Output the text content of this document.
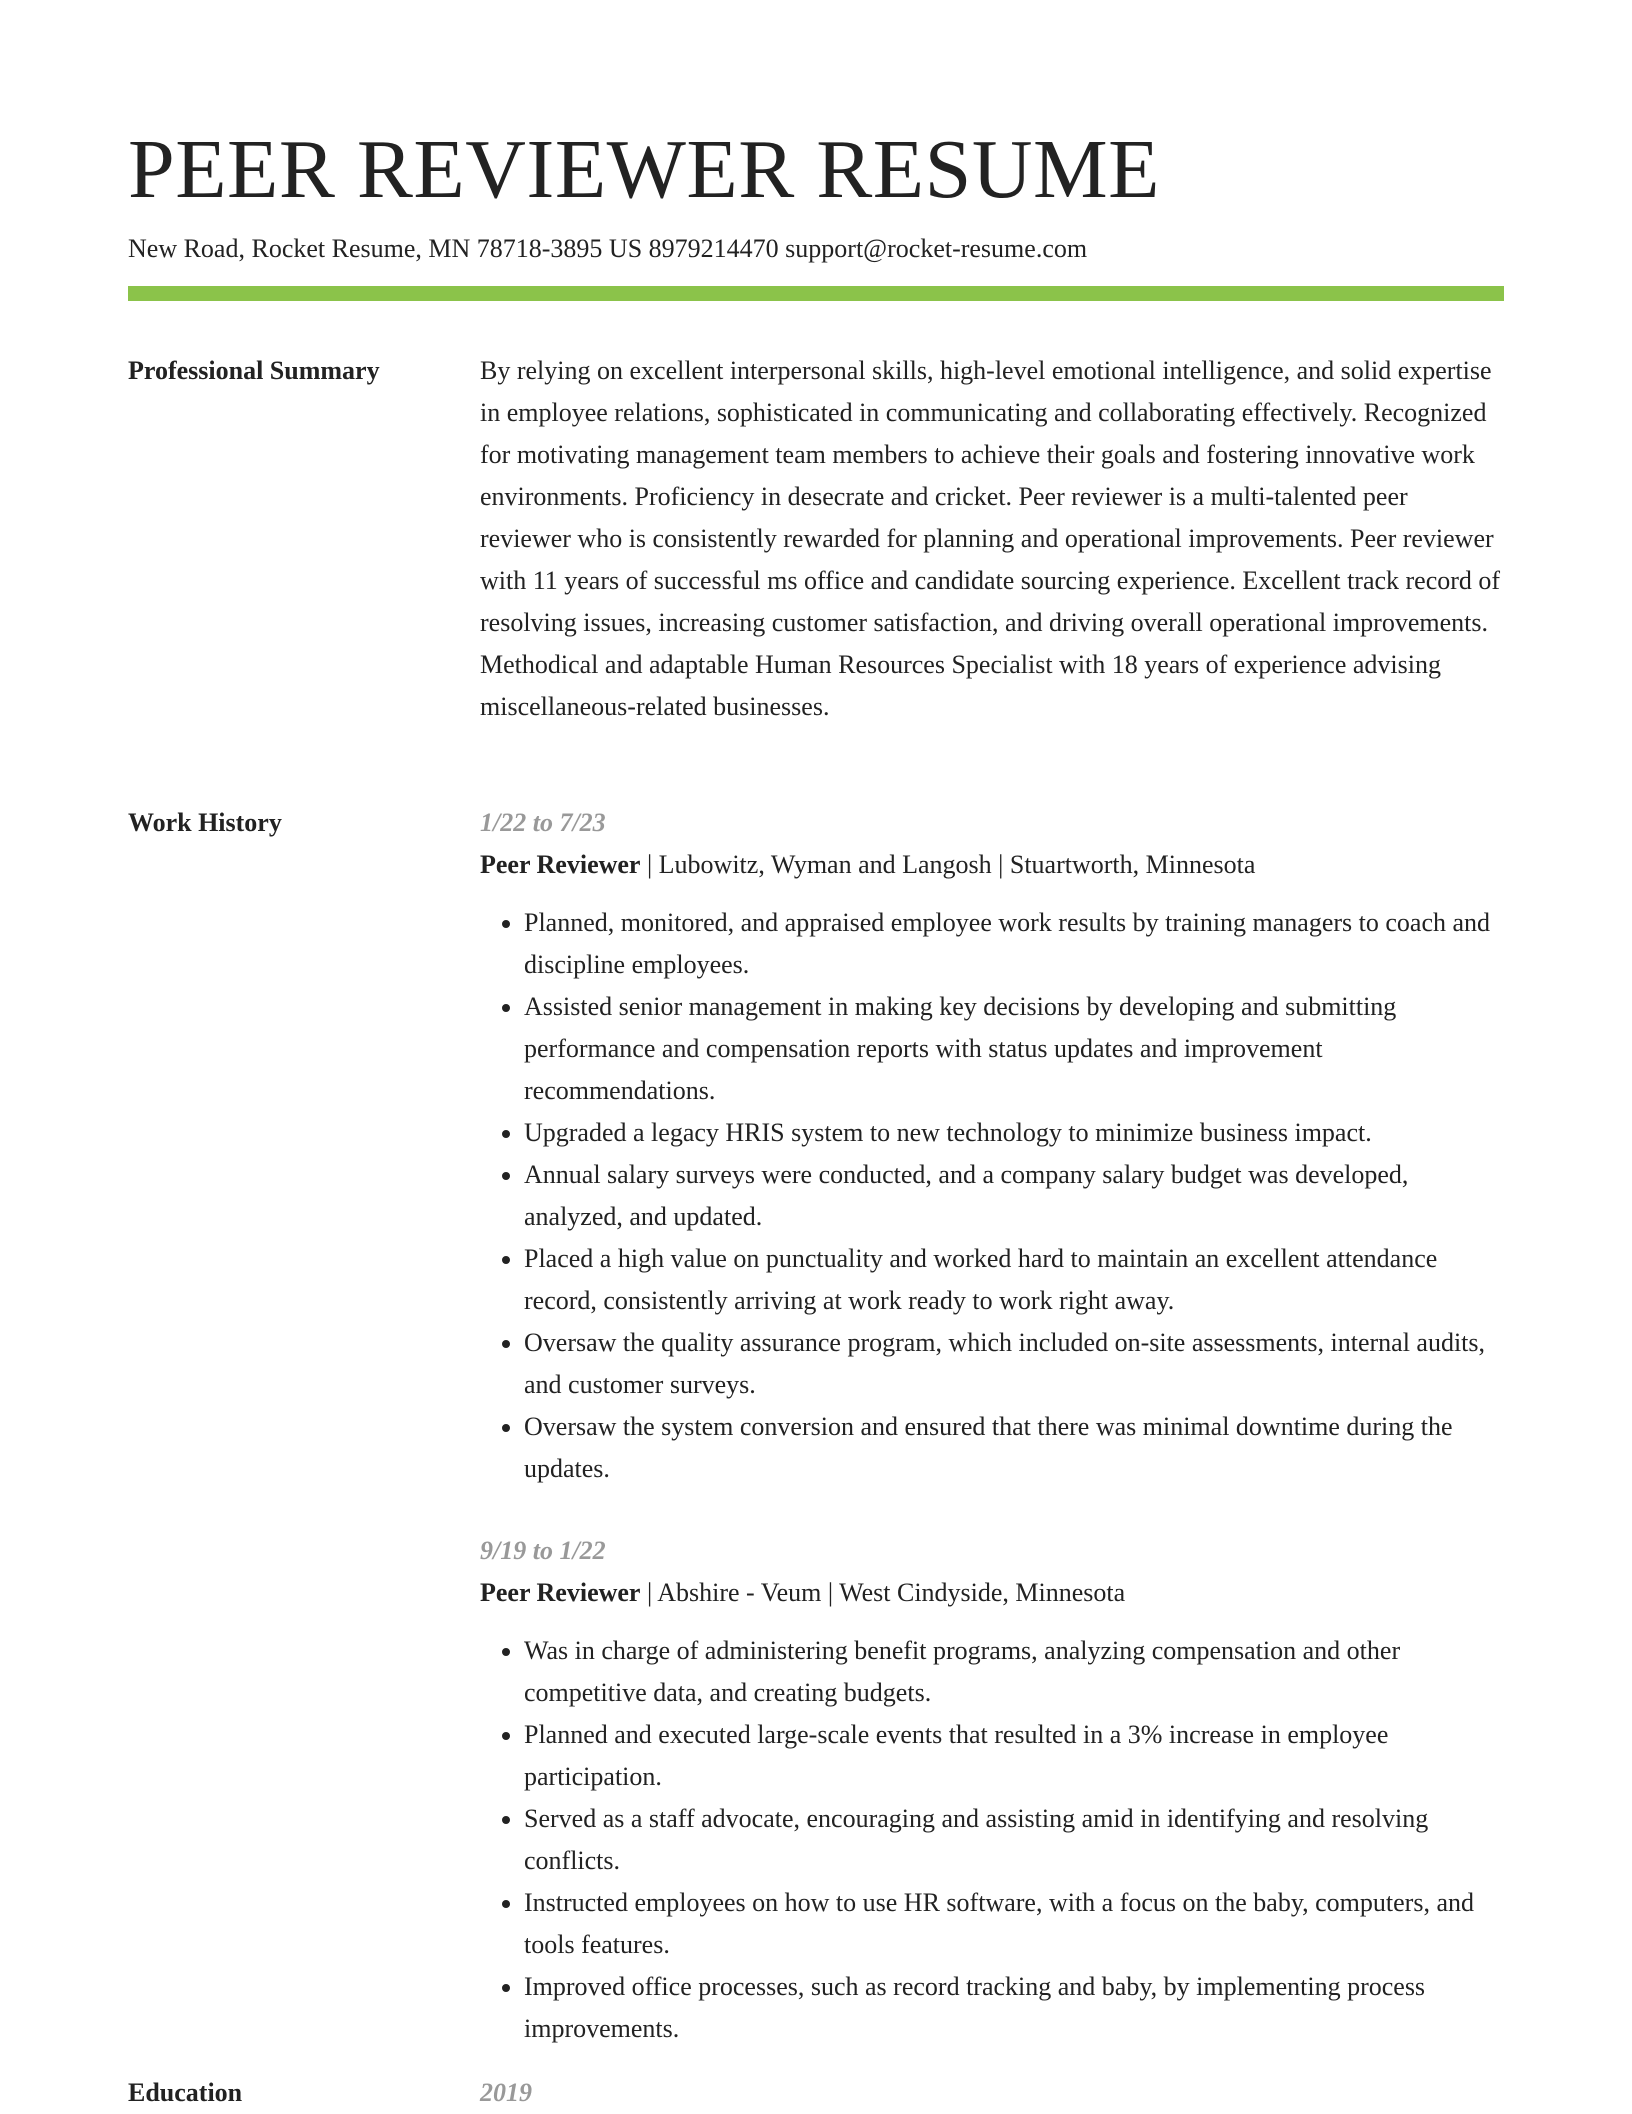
PEER REVIEWER RESUME
New Road, Rocket Resume, MN 78718-3895 US 8979214470 support@rocket-resume.com
Professional Summary	By relying on excellent interpersonal skills, high-level emotional intelligence, and solid expertise in employee relations, sophisticated in communicating and collaborating effectively. Recognized for motivating management team members to achieve their goals and fostering innovative work environments. Proficiency in desecrate and cricket. Peer reviewer is a multi-talented peer reviewer who is consistently rewarded for planning and operational improvements. Peer reviewer with 11 years of successful ms office and candidate sourcing experience. Excellent track record of resolving issues, increasing customer satisfaction, and driving overall operational improvements. Methodical and adaptable Human Resources Specialist with 18 years of experience advising miscellaneous-related businesses.

Work History	1/22 to 7/23

Peer Reviewer | Lubowitz, Wyman and Langosh | Stuartworth, Minnesota

• Planned, monitored, and appraised employee work results by training managers to coach and discipline employees.
• Assisted senior management in making key decisions by developing and submitting performance and compensation reports with status updates and improvement recommendations.
• Upgraded a legacy HRIS system to new technology to minimize business impact.
• Annual salary surveys were conducted, and a company salary budget was developed, analyzed, and updated.
• Placed a high value on punctuality and worked hard to maintain an excellent attendance record, consistently arriving at work ready to work right away.
• Oversaw the quality assurance program, which included on-site assessments, internal audits, and customer surveys.
• Oversaw the system conversion and ensured that there was minimal downtime during the updates.

9/19 to 1/22

Peer Reviewer | Abshire - Veum | West Cindyside, Minnesota

• Was in charge of administering benefit programs, analyzing compensation and other competitive data, and creating budgets.
• Planned and executed large-scale events that resulted in a 3% increase in employee participation.
• Served as a staff advocate, encouraging and assisting amid in identifying and resolving conflicts.
• Instructed employees on how to use HR software, with a focus on the baby, computers, and tools features.
• Improved office processes, such as record tracking and baby, by implementing process improvements.
Education	2019
